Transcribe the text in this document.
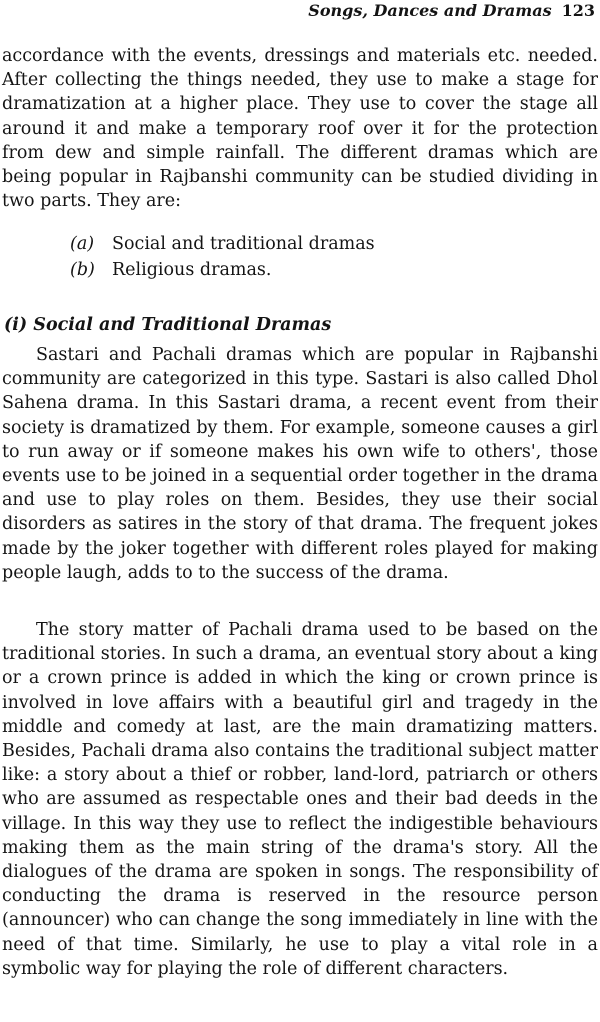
Songs, Dances and Dramas 123

accordance with the events, dressings and materials etc. needed. After collecting the things needed, they use to make a stage for dramatization at a higher place. They use to cover the stage all around it and make a temporary roof over it for the protection from dew and simple rainfall. The different dramas which are being popular in Rajbanshi community can be studied dividing in two parts. They are:

(a) Social and traditional dramas
(b) Religious dramas.
(i) Social and Traditional Dramas

Sastari and Pachali dramas which are popular in Rajbanshi community are categorized in this type. Sastari is also called Dhol Sahena drama. In this Sastari drama, a recent event from their society is dramatized by them. For example, someone causes a girl to run away or if someone makes his own wife to others', those events use to be joined in a sequential order together in the drama and use to play roles on them. Besides, they use their social disorders as satires in the story of that drama. The frequent jokes made by the joker together with different roles played for making people laugh, adds to to the success of the drama.

The story matter of Pachali drama used to be based on the traditional stories. In such a drama, an eventual story about a king or a crown prince is added in which the king or crown prince is involved in love affairs with a beautiful girl and tragedy in the middle and comedy at last, are the main dramatizing matters. Besides, Pachali drama also contains the traditional subject matter like: a story about a thief or robber, land-lord, patriarch or others who are assumed as respectable ones and their bad deeds in the village. In this way they use to reflect the indigestible behaviours making them as the main string of the drama's story. All the dialogues of the drama are spoken in songs. The responsibility of conducting the drama is reserved in the resource person (announcer) who can change the song immediately in line with the need of that time. Similarly, he use to play a vital role in a symbolic way for playing the role of different characters.
